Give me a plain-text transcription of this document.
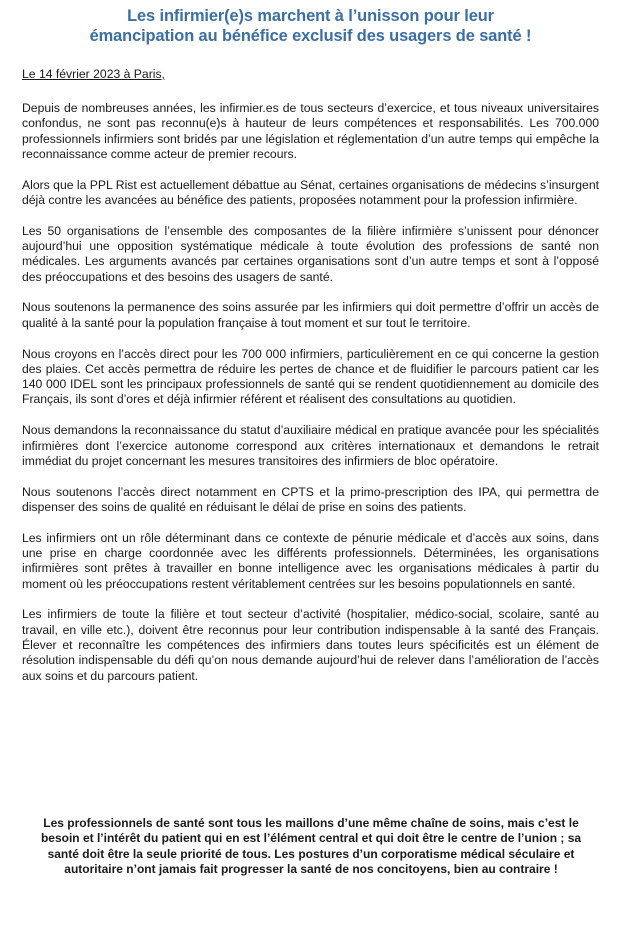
Les infirmier(e)s marchent à l’unisson pour leur
émancipation au bénéfice exclusif des usagers de santé !

Le 14 février 2023 à Paris,

Depuis de nombreuses années, les infirmier.es de tous secteurs d’exercice, et tous niveaux universitaires confondus, ne sont pas reconnu(e)s à hauteur de leurs compétences et responsabilités. Les 700.000 professionnels infirmiers sont bridés par une législation et réglementation d’un autre temps qui empêche la reconnaissance comme acteur de premier recours.

Alors que la PPL Rist est actuellement débattue au Sénat, certaines organisations de médecins s’insurgent déjà contre les avancées au bénéfice des patients, proposées notamment pour la profession infirmière.

Les 50 organisations de l’ensemble des composantes de la filière infirmière s’unissent pour dénoncer aujourd’hui une opposition systématique médicale à toute évolution des professions de santé non médicales. Les arguments avancés par certaines organisations sont d’un autre temps et sont à l’opposé des préoccupations et des besoins des usagers de santé.

Nous soutenons la permanence des soins assurée par les infirmiers qui doit permettre d’offrir un accès de qualité à la santé pour la population française à tout moment et sur tout le territoire.

Nous croyons en l’accès direct pour les 700 000 infirmiers, particulièrement en ce qui concerne la gestion des plaies. Cet accès permettra de réduire les pertes de chance et de fluidifier le parcours patient car les 140 000 IDEL sont les principaux professionnels de santé qui se rendent quotidiennement au domicile des Français, ils sont d’ores et déjà infirmier référent et réalisent des consultations au quotidien.

Nous demandons la reconnaissance du statut d’auxiliaire médical en pratique avancée pour les spécialités infirmières dont l’exercice autonome correspond aux critères internationaux et demandons le retrait immédiat du projet concernant les mesures transitoires des infirmiers de bloc opératoire.

Nous soutenons l’accès direct notamment en CPTS et la primo-prescription des IPA, qui permettra de dispenser des soins de qualité en réduisant le délai de prise en soins des patients.

Les infirmiers ont un rôle déterminant dans ce contexte de pénurie médicale et d’accès aux soins, dans une prise en charge coordonnée avec les différents professionnels. Déterminées, les organisations infirmières sont prêtes à travailler en bonne intelligence avec les organisations médicales à partir du moment où les préoccupations restent véritablement centrées sur les besoins populationnels en santé.

Les infirmiers de toute la filière et tout secteur d’activité (hospitalier, médico-social, scolaire, santé au travail, en ville etc.), doivent être reconnus pour leur contribution indispensable à la santé des Français. Élever et reconnaître les compétences des infirmiers dans toutes leurs spécificités est un élément de résolution indispensable du défi qu’on nous demande aujourd’hui de relever dans l’amélioration de l’accès aux soins et du parcours patient.

Les professionnels de santé sont tous les maillons d’une même chaîne de soins, mais c’est le besoin et l’intérêt du patient qui en est l’élément central et qui doit être le centre de l’union ; sa santé doit être la seule priorité de tous. Les postures d’un corporatisme médical séculaire et autoritaire n’ont jamais fait progresser la santé de nos concitoyens, bien au contraire !
